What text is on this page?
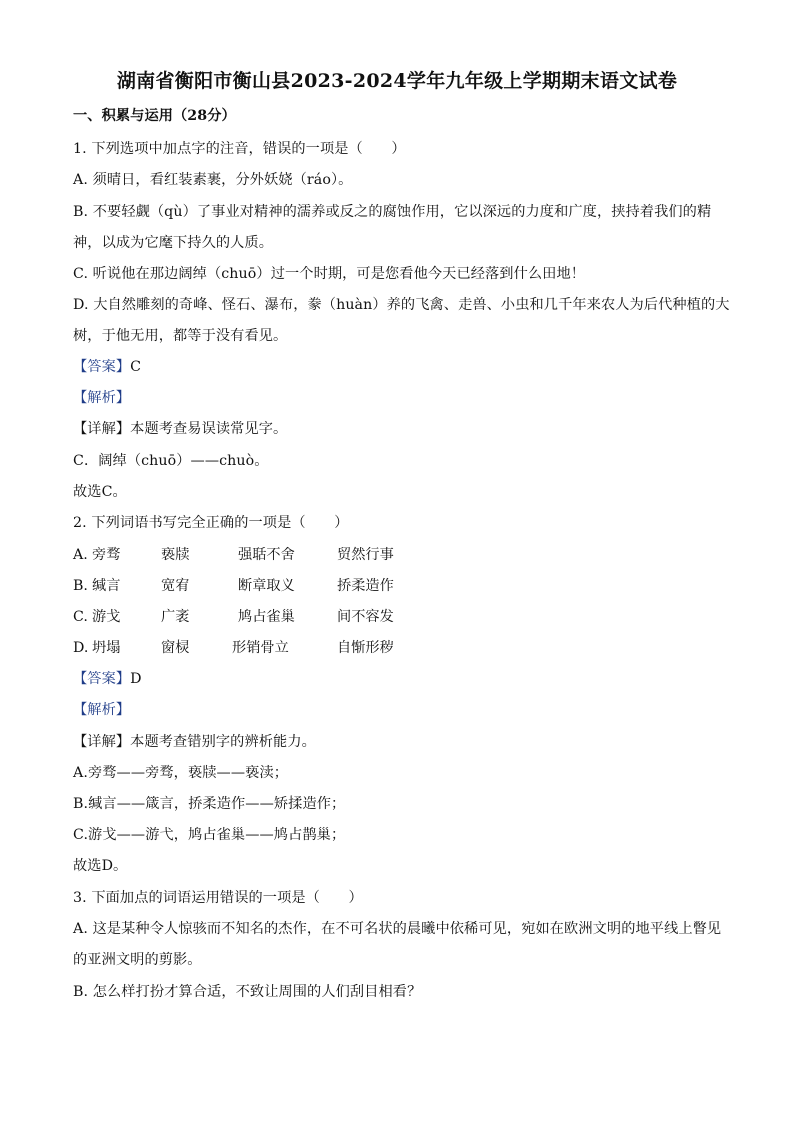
湖南省衡阳市衡山县2023-2024学年九年级上学期期末语文试卷
一、积累与运用（28分）
1. 下列选项中加点字的注音，错误的一项是（　　）
A. 须晴日，看红装素裹，分外妖娆（ráo）。
B. 不要轻觑（qù）了事业对精神的濡养或反之的腐蚀作用，它以深远的力度和广度，挟持着我们的精
神，以成为它麾下持久的人质。
C. 听说他在那边阔绰（chuō）过一个时期，可是您看他今天已经落到什么田地！
D. 大自然雕刻的奇峰、怪石、瀑布，豢（huàn）养的飞禽、走兽、小虫和几千年来农人为后代种植的大
树，于他无用，都等于没有看见。
【答案】C
【解析】
【详解】本题考查易误读常见字。
C．阔绰（chuō）——chuò。
故选C。
2. 下列词语书写完全正确的一项是（　　）
A. 旁骛	亵牍	强聒不舍	贸然行事
B. 缄言	宽宥	断章取义	挢柔造作
C. 游戈	广袤	鸠占雀巢	间不容发
D. 坍塌	窗棂	形销骨立	自惭形秽
【答案】D
【解析】
【详解】本题考查错别字的辨析能力。
A.旁骛——旁骛，亵牍——亵渎；
B.缄言——箴言，挢柔造作——矫揉造作；
C.游戈——游弋，鸠占雀巢——鸠占鹊巢；
故选D。
3. 下面加点的词语运用错误的一项是（　　）
A. 这是某种令人惊骇而不知名的杰作，在不可名状的晨曦中依稀可见，宛如在欧洲文明的地平线上瞥见
的亚洲文明的剪影。
B. 怎么样打扮才算合适，不致让周围的人们刮目相看？
